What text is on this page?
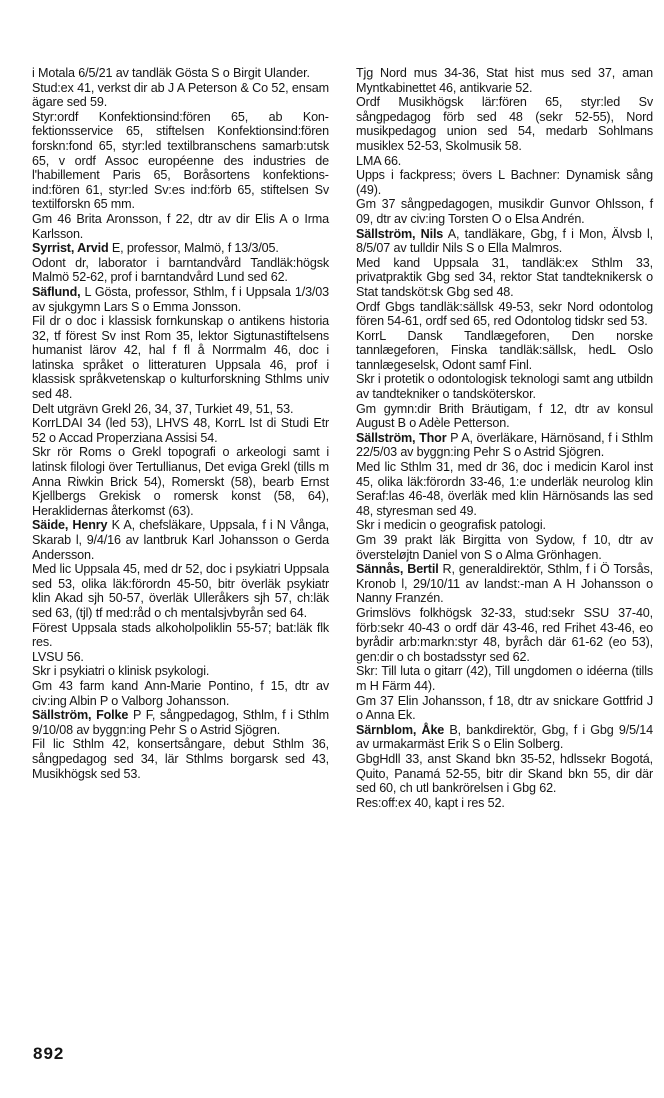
i Motala 6/5/21 av tandläk Gösta S o Birgit Ulander.

Stud:ex 41, verkst dir ab J A Peterson & Co 52, ensam ägare sed 59.

Styr:ordf Konfektionsind:fören 65, ab Konfektionsservice 65, stiftelsen Konfektionsind:fören forskn:fond 65, styr:led textilbranschens samarb:utsk 65, v ordf Assoc européenne des industries de l'habillement Paris 65, Boråsortens konfektionsind:fören 61, styr:led Sv:es ind:förb 65, stiftelsen Sv textilforskn 65 mm.

Gm 46 Brita Aronsson, f 22, dtr av dir Elis A o Irma Karlsson.

Syrrist, Arvid E, professor, Malmö, f 13/3/05.

Odont dr, laborator i barntandvård Tandläk:högsk Malmö 52-62, prof i barntandvård Lund sed 62.

Säflund, L Gösta, professor, Sthlm, f i Uppsala 1/3/03 av sjukgymn Lars S o Emma Jonsson.

Fil dr o doc i klassisk fornkunskap o antikens historia 32, tf förest Sv inst Rom 35, lektor Sigtunastiftelsens humanist lärov 42, hal f fl å Norrmalm 46, doc i latinska språket o litteraturen Uppsala 46, prof i klassisk språkvetenskap o kulturforskning Sthlms univ sed 48.

Delt utgrävn Grekl 26, 34, 37, Turkiet 49, 51, 53.

KorrLDAI 34 (led 53), LHVS 48, KorrL Ist di Studi Etr 52 o Accad Properziana Assisi 54.

Skr rör Roms o Grekl topografi o arkeologi samt i latinsk filologi över Tertullianus, Det eviga Grekl (tills m Anna Riwkin Brick 54), Romerskt (58), bearb Ernst Kjellbergs Grekisk o romersk konst (58, 64), Heraklidernas återkomst (63).

Säide, Henry K A, chefsläkare, Uppsala, f i N Vånga, Skarab l, 9/4/16 av lantbruk Karl Johansson o Gerda Andersson.

Med lic Uppsala 45, med dr 52, doc i psykiatri Uppsala sed 53, olika läk:förordn 45-50, bitr överläk psykiatr klin Akad sjh 50-57, överläk Ulleråkers sjh 57, ch:läk sed 63, (tjl) tf med:råd o ch mentalsjvbyrån sed 64.

Förest Uppsala stads alkoholpoliklin 55-57; bat:läk flk res.

LVSU 56.

Skr i psykiatri o klinisk psykologi.

Gm 43 farm kand Ann-Marie Pontino, f 15, dtr av civ:ing Albin P o Valborg Johansson.

Sällström, Folke P F, sångpedagog, Sthlm, f i Sthlm 9/10/08 av byggn:ing Pehr S o Astrid Sjögren.

Fil lic Sthlm 42, konsertsångare, debut Sthlm 36, sångpedagog sed 34, lär Sthlms borgarsk sed 43, Musikhögsk sed 53.

Tjg Nord mus 34-36, Stat hist mus sed 37, aman Myntkabinettet 46, antikvarie 52.

Ordf Musikhögsk lär:fören 65, styr:led Sv sångpedagog förb sed 48 (sekr 52-55), Nord musikpedagog union sed 54, medarb Sohlmans musiklex 52-53, Skolmusik 58.

LMA 66.

Upps i fackpress; övers L Bachner: Dynamisk sång (49).

Gm 37 sångpedagogen, musikdir Gunvor Ohlsson, f 09, dtr av civ:ing Torsten O o Elsa Andrén.

Sällström, Nils A, tandläkare, Gbg, f i Mon, Älvsb l, 8/5/07 av tulldir Nils S o Ella Malmros.

Med kand Uppsala 31, tandläk:ex Sthlm 33, privatpraktik Gbg sed 34, rektor Stat tandteknikersk o Stat tandsköt:sk Gbg sed 48.

Ordf Gbgs tandläk:sällsk 49-53, sekr Nord odontolog fören 54-61, ordf sed 65, red Odontolog tidskr sed 53.

KorrL Dansk Tandlægeforen, Den norske tannlægeforen, Finska tandläk:sällsk, hedL Oslo tannlægeselsk, Odont samf Finl.

Skr i protetik o odontologisk teknologi samt ang utbildn av tandtekniker o tandsköterskor.

Gm gymn:dir Brith Bräutigam, f 12, dtr av konsul August B o Adèle Petterson.

Sällström, Thor P A, överläkare, Härnösand, f i Sthlm 22/5/03 av byggn:ing Pehr S o Astrid Sjögren.

Med lic Sthlm 31, med dr 36, doc i medicin Karol inst 45, olika läk:förordn 33-46, 1:e underläk neurolog klin Seraf:las 46-48, överläk med klin Härnösands las sed 48, styresman sed 49.

Skr i medicin o geografisk patologi.

Gm 39 prakt läk Birgitta von Sydow, f 10, dtr av översteløjtn Daniel von S o Alma Grönhagen.

Sännås, Bertil R, generaldirektör, Sthlm, f i Ö Torsås, Kronob l, 29/10/11 av landst:-man A H Johansson o Nanny Franzén.

Grimslövs folkhögsk 32-33, stud:sekr SSU 37-40, förb:sekr 40-43 o ordf där 43-46, red Frihet 43-46, eo byrådir arb:markn:styr 48, byråch där 61-62 (eo 53), gen:dir o ch bostadsstyr sed 62.

Skr: Till luta o gitarr (42), Till ungdomen o idéerna (tills m H Färm 44).

Gm 37 Elin Johansson, f 18, dtr av snickare Gottfrid J o Anna Ek.

Särnblom, Åke B, bankdirektör, Gbg, f i Gbg 9/5/14 av urmakarmäst Erik S o Elin Solberg.

GbgHdll 33, anst Skand bkn 35-52, hdlssekr Bogotá, Quito, Panamá 52-55, bitr dir Skand bkn 55, dir där sed 60, ch utl bankrörelsen i Gbg 62.

Res:off:ex 40, kapt i res 52.

892
